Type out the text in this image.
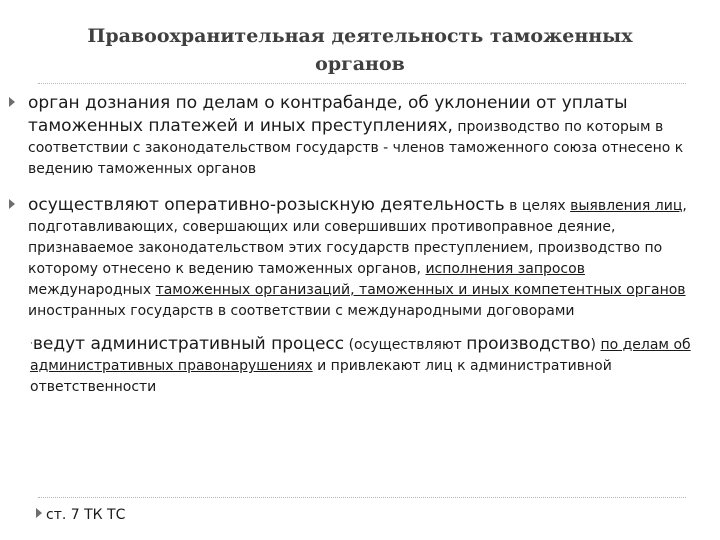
Правоохранительная деятельность таможенных органов
орган дознания по делам о контрабанде, об уклонении от уплаты таможенных платежей и иных преступлениях, производство по которым в соответствии с законодательством государств - членов таможенного союза отнесено к ведению таможенных органов
осуществляют оперативно-розыскную деятельность в целях выявления лиц, подготавливающих, совершающих или совершивших противоправное деяние, признаваемое законодательством этих государств преступлением, производство по которому отнесено к ведению таможенных органов, исполнения запросов международных таможенных организаций, таможенных и иных компетентных органов иностранных государств в соответствии с международными договорами
·ведут административный процесс (осуществляют производство) по делам об административных правонарушениях и привлекают лиц к административной ответственности
ст. 7 ТК ТС
